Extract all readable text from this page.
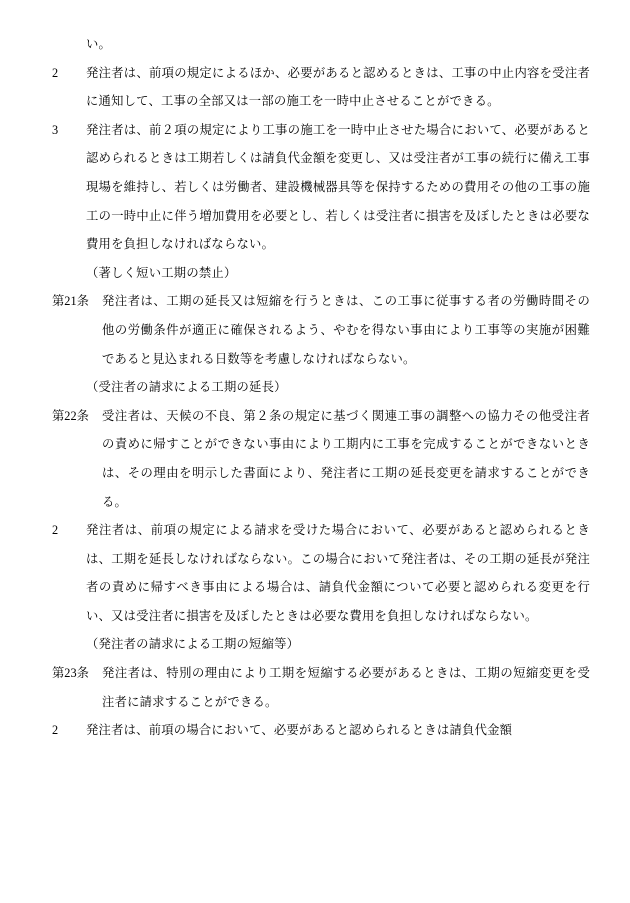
い。
2	発注者は、前項の規定によるほか、必要があると認めるときは、工事の中止内容を受注者に通知して、工事の全部又は一部の施工を一時中止させることができる。
3	発注者は、前２項の規定により工事の施工を一時中止させた場合において、必要があると認められるときは工期若しくは請負代金額を変更し、又は受注者が工事の続行に備え工事現場を維持し、若しくは労働者、建設機械器具等を保持するための費用その他の工事の施工の一時中止に伴う増加費用を必要とし、若しくは受注者に損害を及ぼしたときは必要な費用を負担しなければならない。
（著しく短い工期の禁止）
第21条 発注者は、工期の延長又は短縮を行うときは、この工事に従事する者の労働時間その他の労働条件が適正に確保されるよう、やむを得ない事由により工事等の実施が困難であると見込まれる日数等を考慮しなければならない。
（受注者の請求による工期の延長）
第22条 受注者は、天候の不良、第２条の規定に基づく関連工事の調整への協力その他受注者の責めに帰すことができない事由により工期内に工事を完成することができないときは、その理由を明示した書面により、発注者に工期の延長変更を請求することができる。
2	発注者は、前項の規定による請求を受けた場合において、必要があると認められるときは、工期を延長しなければならない。この場合において発注者は、その工期の延長が発注者の責めに帰すべき事由による場合は、請負代金額について必要と認められる変更を行い、又は受注者に損害を及ぼしたときは必要な費用を負担しなければならない。
（発注者の請求による工期の短縮等）
第23条 発注者は、特別の理由により工期を短縮する必要があるときは、工期の短縮変更を受注者に請求することができる。
2	発注者は、前項の場合において、必要があると認められるときは請負代金額
